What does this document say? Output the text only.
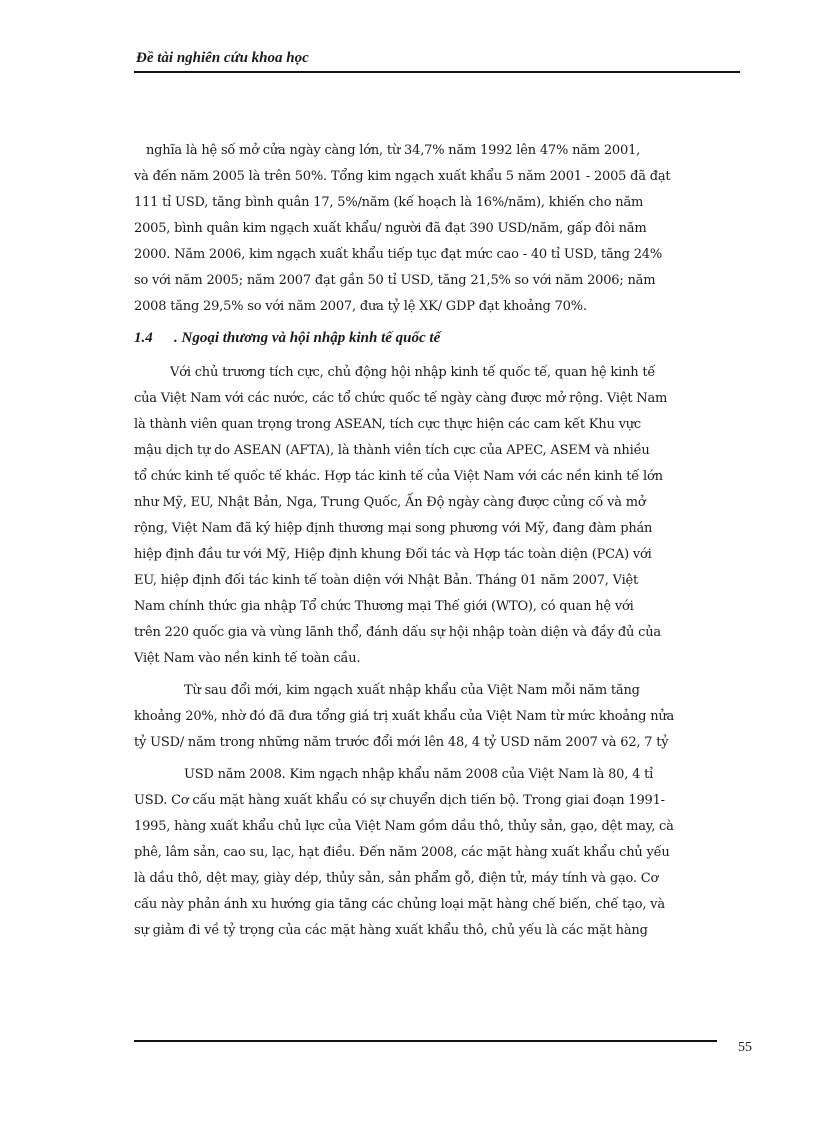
Đề tài nghiên cứu khoa học
nghĩa là hệ số mở cửa ngày càng lớn, từ 34,7% năm 1992 lên 47% năm 2001,
và đến năm 2005 là trên 50%. Tổng kim ngạch xuất khẩu 5 năm 2001 - 2005 đã đạt
111 tỉ USD, tăng bình quân 17, 5%/năm (kế hoạch là 16%/năm), khiến cho năm
2005, bình quân kim ngạch xuất khẩu/ người đã đạt 390 USD/năm, gấp đôi năm
2000. Năm 2006, kim ngạch xuất khẩu tiếp tục đạt mức cao - 40 tỉ USD, tăng 24%
so với năm 2005; năm 2007 đạt gần 50 tỉ USD, tăng 21,5% so với năm 2006; năm
2008 tăng 29,5% so với năm 2007, đưa tỷ lệ XK/ GDP đạt khoảng 70%.
1.4 . Ngoại thương và hội nhập kinh tế quốc tế
Với chủ trương tích cực, chủ động hội nhập kinh tế quốc tế, quan hệ kinh tế
của Việt Nam với các nước, các tổ chức quốc tế ngày càng được mở rộng. Việt Nam
là thành viên quan trọng trong ASEAN, tích cực thực hiện các cam kết Khu vực
mậu dịch tự do ASEAN (AFTA), là thành viên tích cực của APEC, ASEM và nhiều
tổ chức kinh tế quốc tế khác. Hợp tác kinh tế của Việt Nam với các nền kinh tế lớn
như Mỹ, EU, Nhật Bản, Nga, Trung Quốc, Ấn Độ ngày càng được củng cố và mở
rộng, Việt Nam đã ký hiệp định thương mại song phương với Mỹ, đang đàm phán
hiệp định đầu tư với Mỹ, Hiệp định khung Đối tác và Hợp tác toàn diện (PCA) với
EU, hiệp định đối tác kinh tế toàn diện với Nhật Bản. Tháng 01 năm 2007, Việt
Nam chính thức gia nhập Tổ chức Thương mại Thế giới (WTO), có quan hệ với
trên 220 quốc gia và vùng lãnh thổ, đánh dấu sự hội nhập toàn diện và đầy đủ của
Việt Nam vào nền kinh tế toàn cầu.
Từ sau đổi mới, kim ngạch xuất nhập khẩu của Việt Nam mỗi năm tăng
khoảng 20%, nhờ đó đã đưa tổng giá trị xuất khẩu của Việt Nam từ mức khoảng nửa
tỷ USD/ năm trong những năm trước đổi mới lên 48, 4 tỷ USD năm 2007 và 62, 7 tỷ
USD năm 2008. Kim ngạch nhập khẩu năm 2008 của Việt Nam là 80, 4 tỉ
USD. Cơ cấu mặt hàng xuất khẩu có sự chuyển dịch tiến bộ. Trong giai đoạn 1991-
1995, hàng xuất khẩu chủ lực của Việt Nam gồm dầu thô, thủy sản, gạo, dệt may, cà
phê, lâm sản, cao su, lạc, hạt điều. Đến năm 2008, các mặt hàng xuất khẩu chủ yếu
là dầu thô, dệt may, giày dép, thủy sản, sản phẩm gỗ, điện tử, máy tính và gạo. Cơ
cấu này phản ánh xu hướng gia tăng các chủng loại mặt hàng chế biến, chế tạo, và
sự giảm đi về tỷ trọng của các mặt hàng xuất khẩu thô, chủ yếu là các mặt hàng
55
